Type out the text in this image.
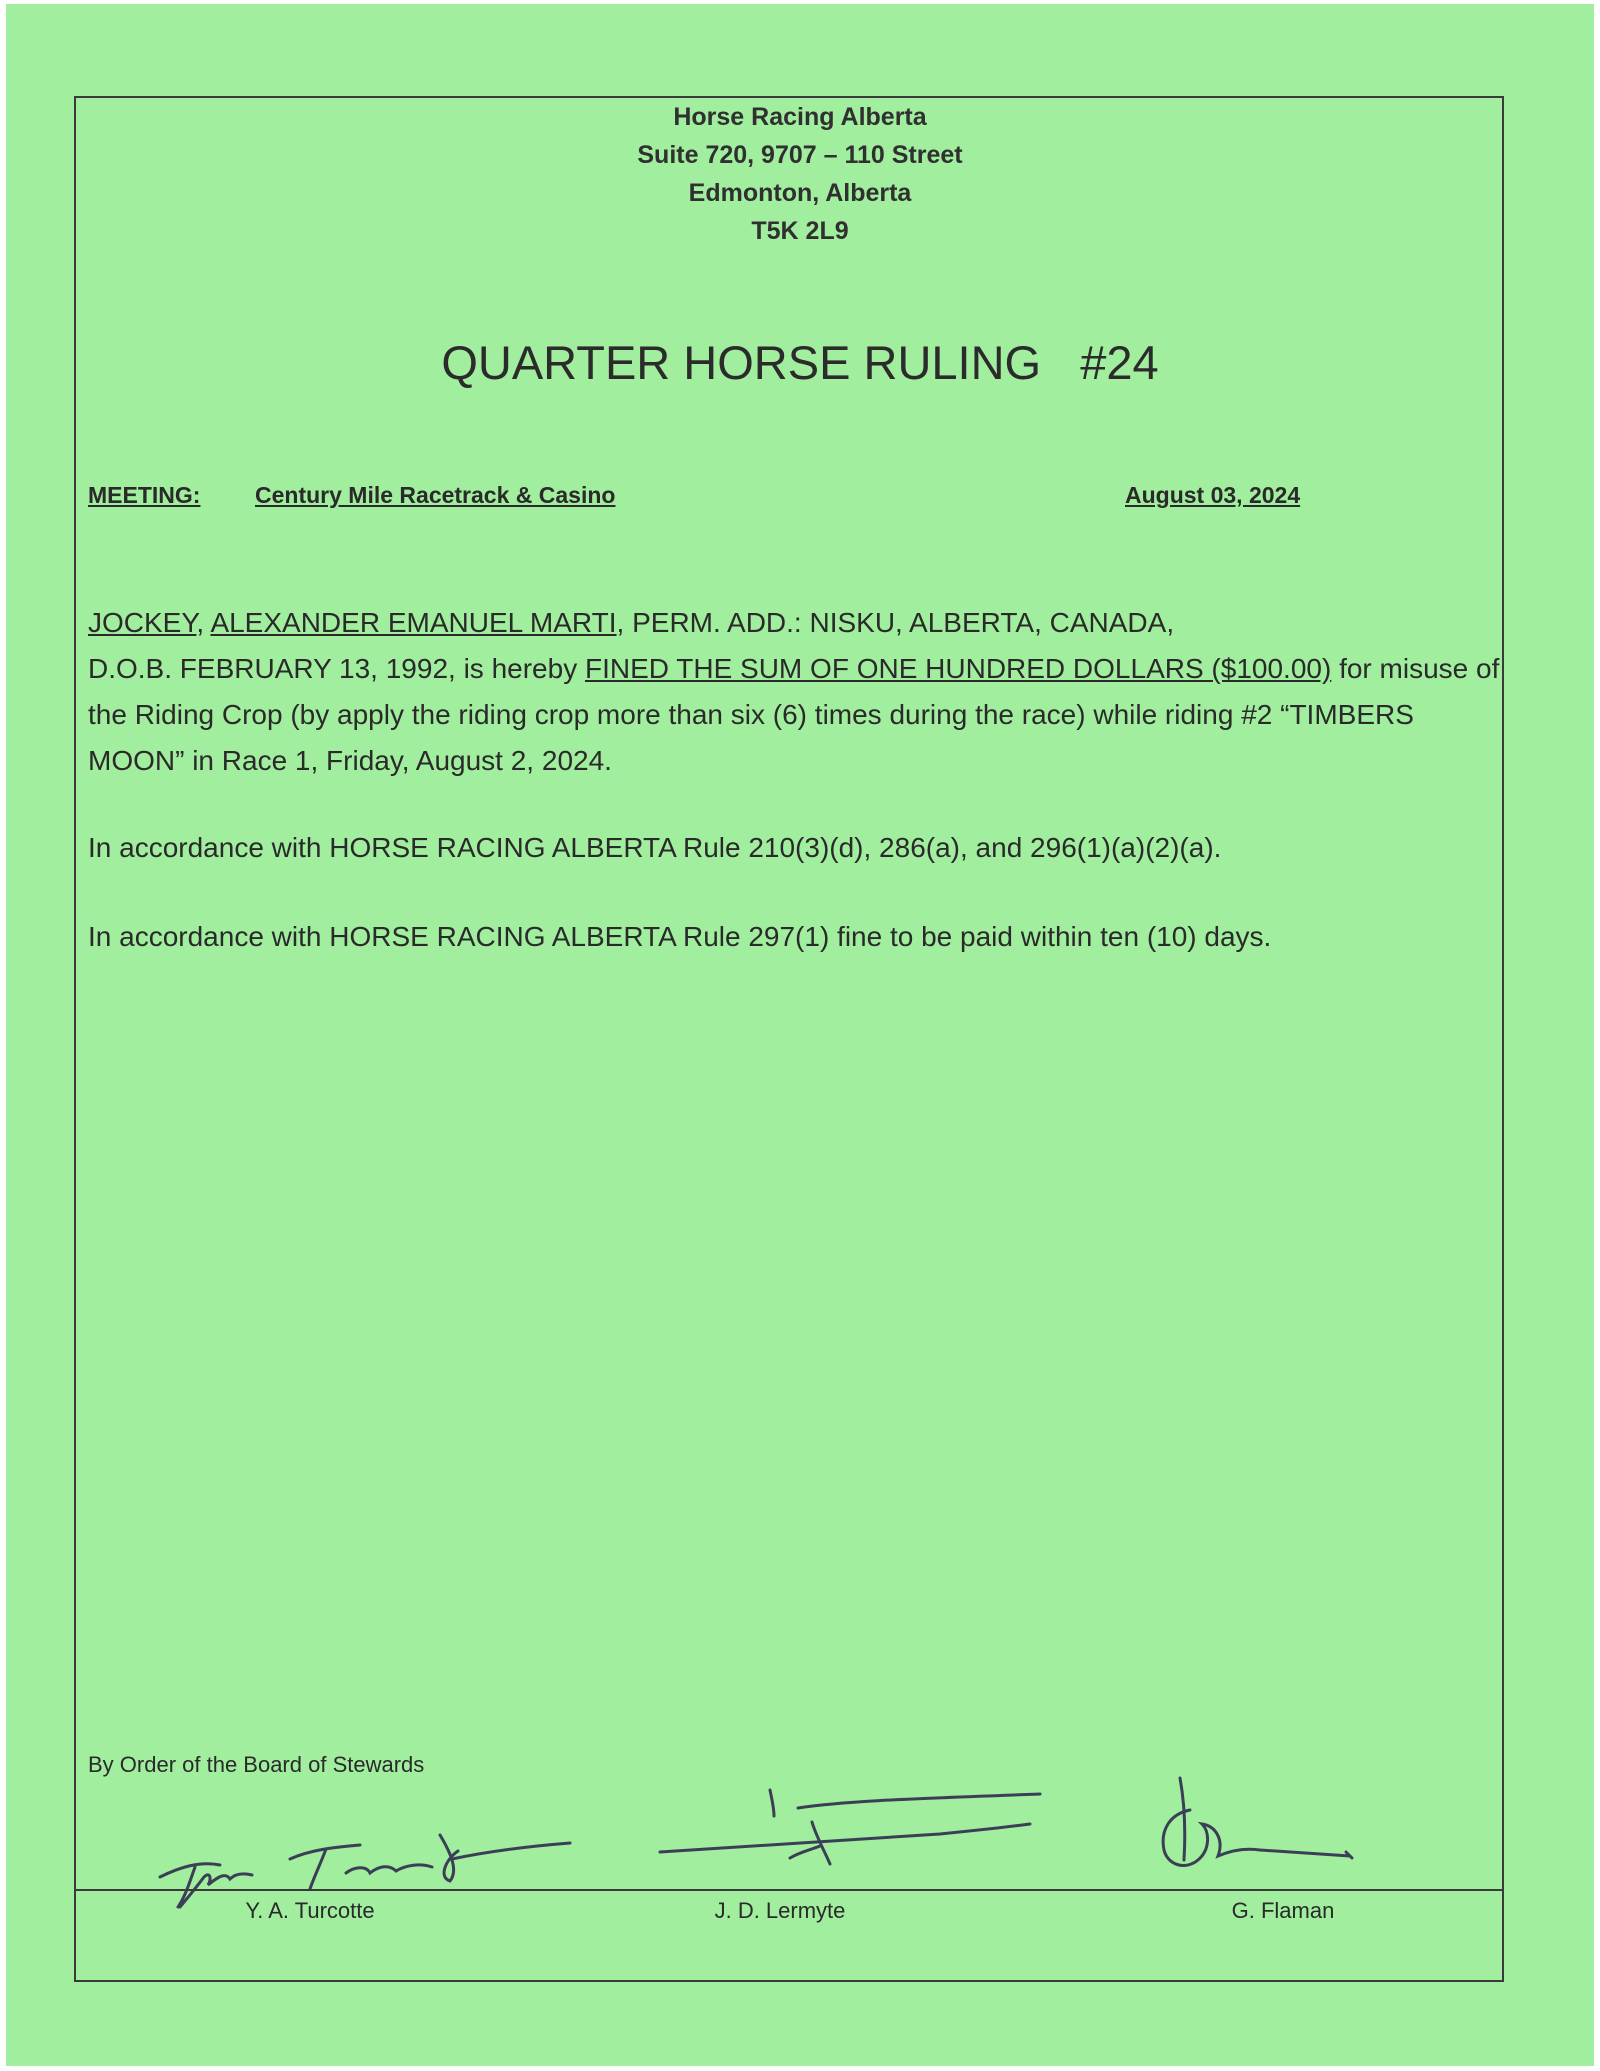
Horse Racing Alberta
Suite 720, 9707 – 110 Street
Edmonton, Alberta
T5K 2L9
QUARTER HORSE RULING   #24
MEETING: Century Mile Racetrack & Casino	August 03, 2024
JOCKEY, ALEXANDER EMANUEL MARTI, PERM. ADD.: NISKU, ALBERTA, CANADA,
D.O.B. FEBRUARY 13, 1992, is hereby FINED THE SUM OF ONE HUNDRED DOLLARS ($100.00) for misuse of the Riding Crop (by apply the riding crop more than six (6) times during the race) while riding #2 “TIMBERS MOON” in Race 1, Friday, August 2, 2024.
In accordance with HORSE RACING ALBERTA Rule 210(3)(d), 286(a), and 296(1)(a)(2)(a).
In accordance with HORSE RACING ALBERTA Rule 297(1) fine to be paid within ten (10) days.
By Order of the Board of Stewards
Y. A. Turcotte	J. D. Lermyte	G. Flaman
